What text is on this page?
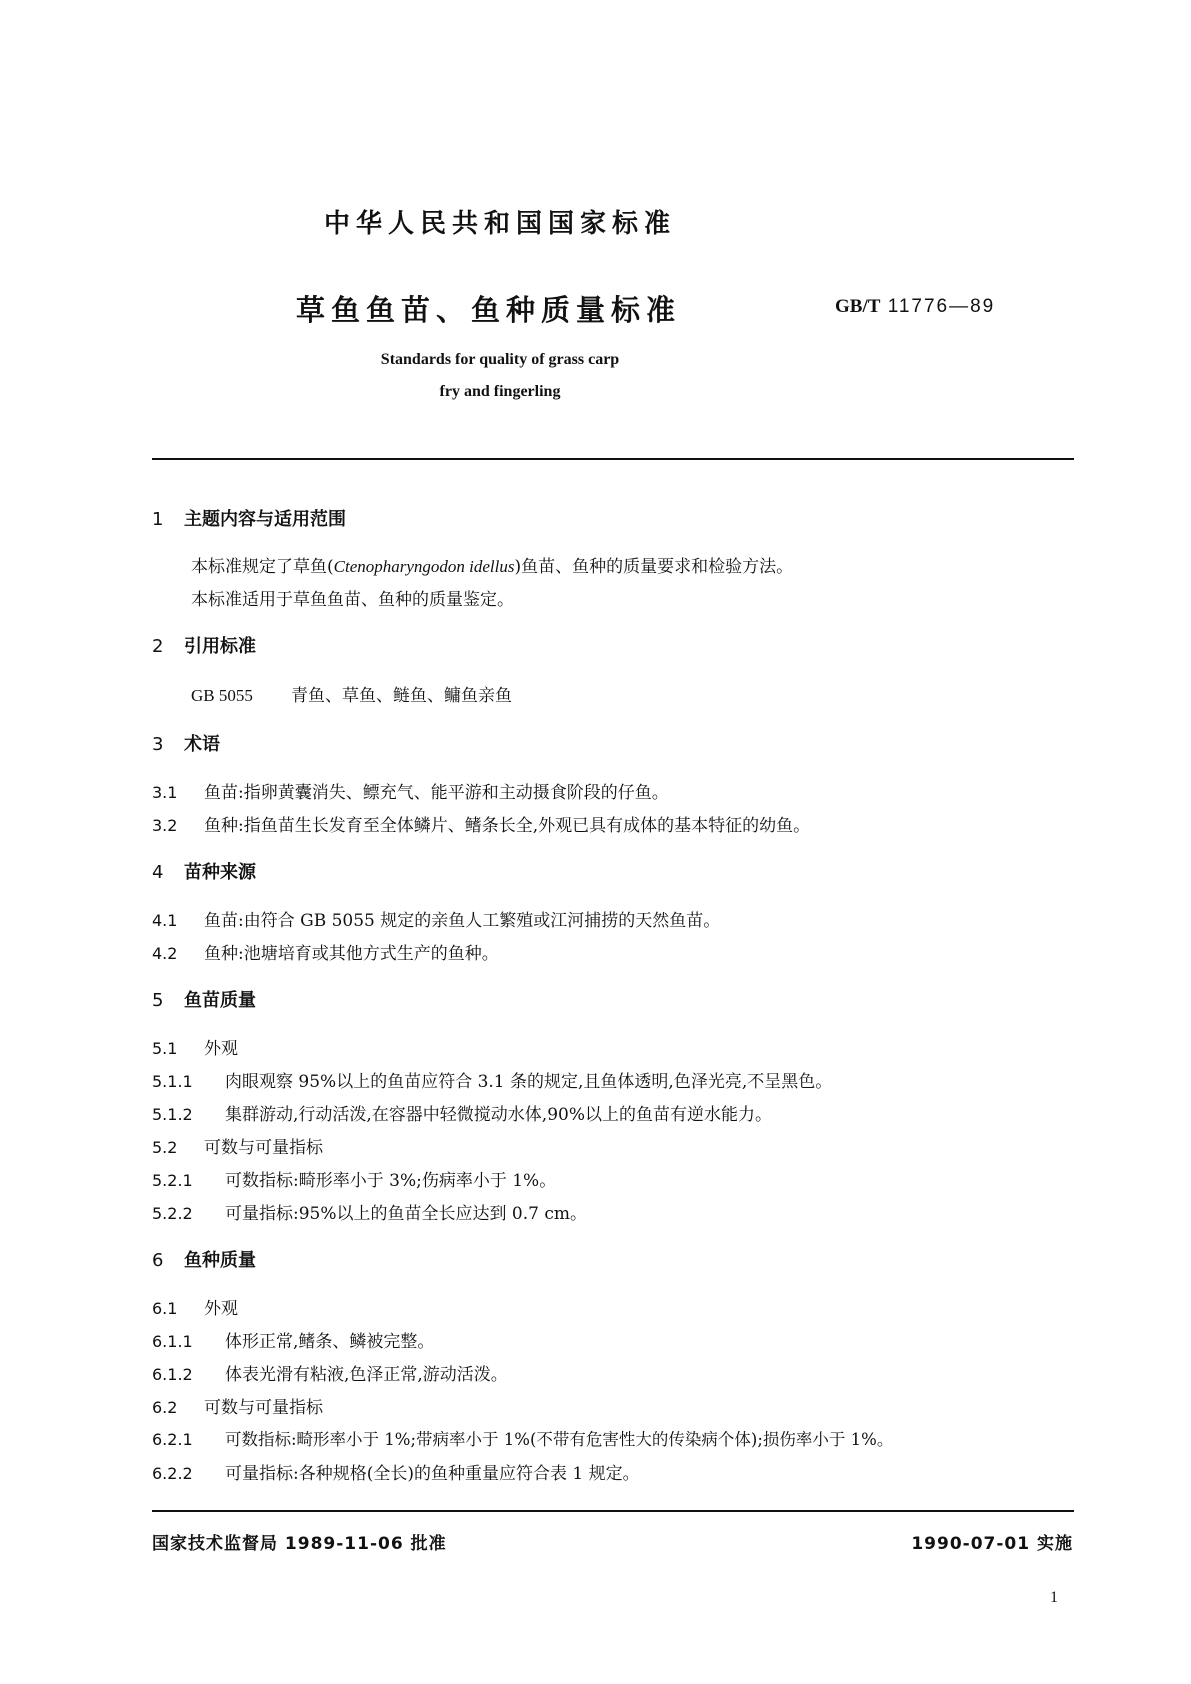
中华人民共和国国家标准
草鱼鱼苗、鱼种质量标准	GB/T 11776—89
Standards for quality of grass carp
fry and fingerling
1 主题内容与适用范围
本标准规定了草鱼(Ctenopharyngodon idellus)鱼苗、鱼种的质量要求和检验方法。
本标准适用于草鱼鱼苗、鱼种的质量鉴定。
2 引用标准
GB 5055 青鱼、草鱼、鲢鱼、鳙鱼亲鱼
3 术语
3.1 鱼苗:指卵黄囊消失、鳔充气、能平游和主动摄食阶段的仔鱼。
3.2 鱼种:指鱼苗生长发育至全体鳞片、鳍条长全,外观已具有成体的基本特征的幼鱼。
4 苗种来源
4.1 鱼苗:由符合 GB 5055 规定的亲鱼人工繁殖或江河捕捞的天然鱼苗。
4.2 鱼种:池塘培育或其他方式生产的鱼种。
5 鱼苗质量
5.1 外观
5.1.1 肉眼观察 95%以上的鱼苗应符合 3.1 条的规定,且鱼体透明,色泽光亮,不呈黑色。
5.1.2 集群游动,行动活泼,在容器中轻微搅动水体,90%以上的鱼苗有逆水能力。
5.2 可数与可量指标
5.2.1 可数指标:畸形率小于 3%;伤病率小于 1%。
5.2.2 可量指标:95%以上的鱼苗全长应达到 0.7 cm。
6 鱼种质量
6.1 外观
6.1.1 体形正常,鳍条、鳞被完整。
6.1.2 体表光滑有粘液,色泽正常,游动活泼。
6.2 可数与可量指标
6.2.1 可数指标:畸形率小于 1%;带病率小于 1%(不带有危害性大的传染病个体);损伤率小于 1%。
6.2.2 可量指标:各种规格(全长)的鱼种重量应符合表 1 规定。
国家技术监督局 1989-11-06 批准	1990-07-01 实施
1
